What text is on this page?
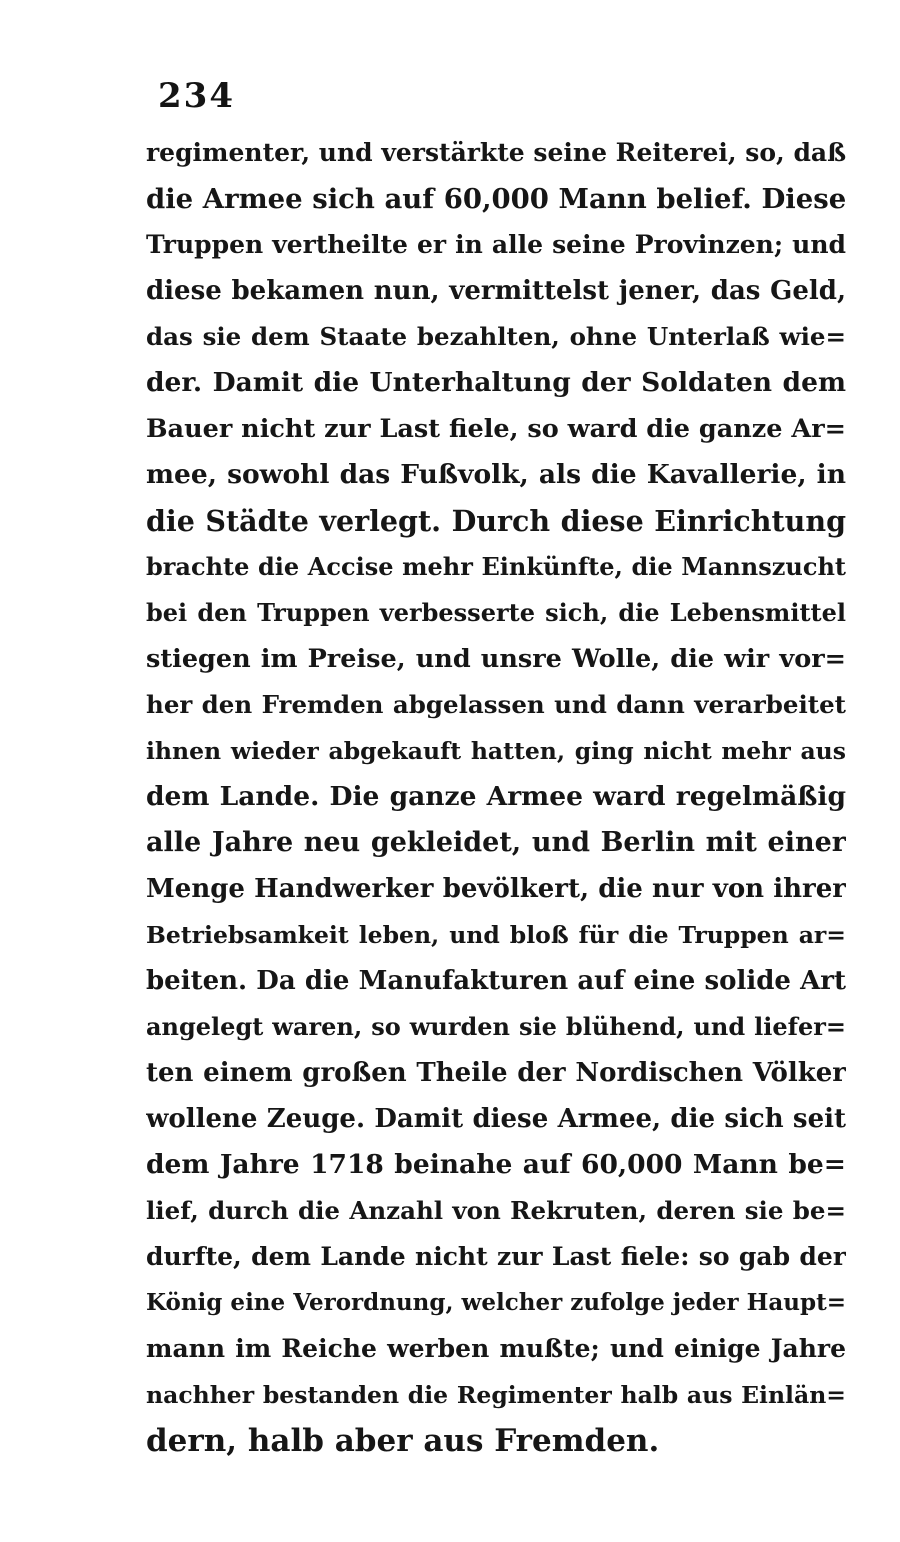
234
regimenter, und verstärkte seine Reiterei, so, daß
die Armee sich auf 60,000 Mann belief. Diese
Truppen vertheilte er in alle seine Provinzen; und
diese bekamen nun, vermittelst jener, das Geld,
das sie dem Staate bezahlten, ohne Unterlaß wie=
der. Damit die Unterhaltung der Soldaten dem
Bauer nicht zur Last fiele, so ward die ganze Ar=
mee, sowohl das Fußvolk, als die Kavallerie, in
die Städte verlegt. Durch diese Einrichtung
brachte die Accise mehr Einkünfte, die Mannszucht
bei den Truppen verbesserte sich, die Lebensmittel
stiegen im Preise, und unsre Wolle, die wir vor=
her den Fremden abgelassen und dann verarbeitet
ihnen wieder abgekauft hatten, ging nicht mehr aus
dem Lande. Die ganze Armee ward regelmäßig
alle Jahre neu gekleidet, und Berlin mit einer
Menge Handwerker bevölkert, die nur von ihrer
Betriebsamkeit leben, und bloß für die Truppen ar=
beiten. Da die Manufakturen auf eine solide Art
angelegt waren, so wurden sie blühend, und liefer=
ten einem großen Theile der Nordischen Völker
wollene Zeuge. Damit diese Armee, die sich seit
dem Jahre 1718 beinahe auf 60,000 Mann be=
lief, durch die Anzahl von Rekruten, deren sie be=
durfte, dem Lande nicht zur Last fiele: so gab der
König eine Verordnung, welcher zufolge jeder Haupt=
mann im Reiche werben mußte; und einige Jahre
nachher bestanden die Regimenter halb aus Einlän=
dern, halb aber aus Fremden.
